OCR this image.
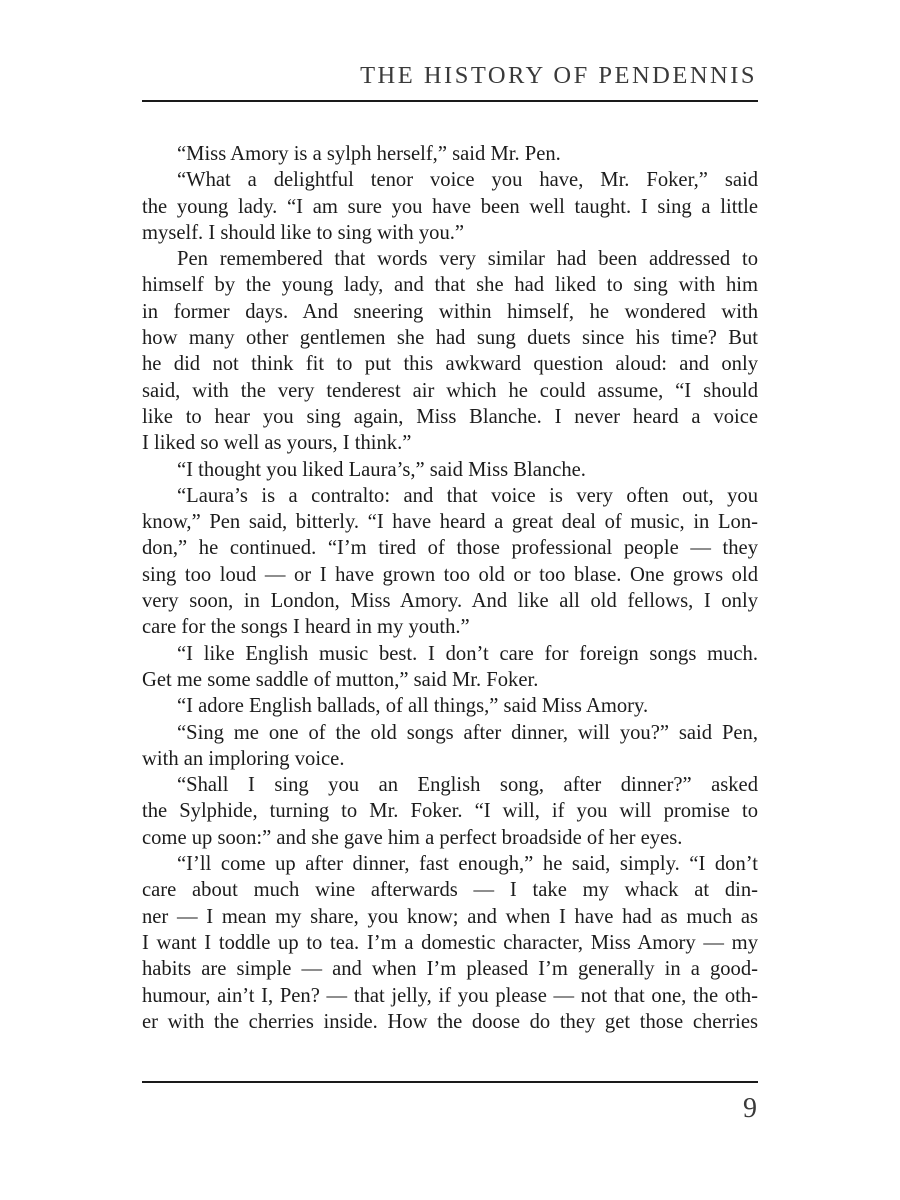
THE HISTORY OF PENDENNIS
“Miss Amory is a sylph herself,” said Mr. Pen.
“What a delightful tenor voice you have, Mr. Foker,” said
the young lady. “I am sure you have been well taught. I sing a little
myself. I should like to sing with you.”
Pen remembered that words very similar had been addressed to
himself by the young lady, and that she had liked to sing with him
in former days. And sneering within himself, he wondered with
how many other gentlemen she had sung duets since his time? But
he did not think fit to put this awkward question aloud: and only
said, with the very tenderest air which he could assume, “I should
like to hear you sing again, Miss Blanche. I never heard a voice
I liked so well as yours, I think.”
“I thought you liked Laura’s,” said Miss Blanche.
“Laura’s is a contralto: and that voice is very often out, you
know,” Pen said, bitterly. “I have heard a great deal of music, in Lon-
don,” he continued. “I’m tired of those professional people — they
sing too loud — or I have grown too old or too blase. One grows old
very soon, in London, Miss Amory. And like all old fellows, I only
care for the songs I heard in my youth.”
“I like English music best. I don’t care for foreign songs much.
Get me some saddle of mutton,” said Mr. Foker.
“I adore English ballads, of all things,” said Miss Amory.
“Sing me one of the old songs after dinner, will you?” said Pen,
with an imploring voice.
“Shall I sing you an English song, after dinner?” asked
the Sylphide, turning to Mr. Foker. “I will, if you will promise to
come up soon:” and she gave him a perfect broadside of her eyes.
“I’ll come up after dinner, fast enough,” he said, simply. “I don’t
care about much wine afterwards — I take my whack at din-
ner — I mean my share, you know; and when I have had as much as
I want I toddle up to tea. I’m a domestic character, Miss Amory — my
habits are simple — and when I’m pleased I’m generally in a good-
humour, ain’t I, Pen? — that jelly, if you please — not that one, the oth-
er with the cherries inside. How the doose do they get those cherries
9
